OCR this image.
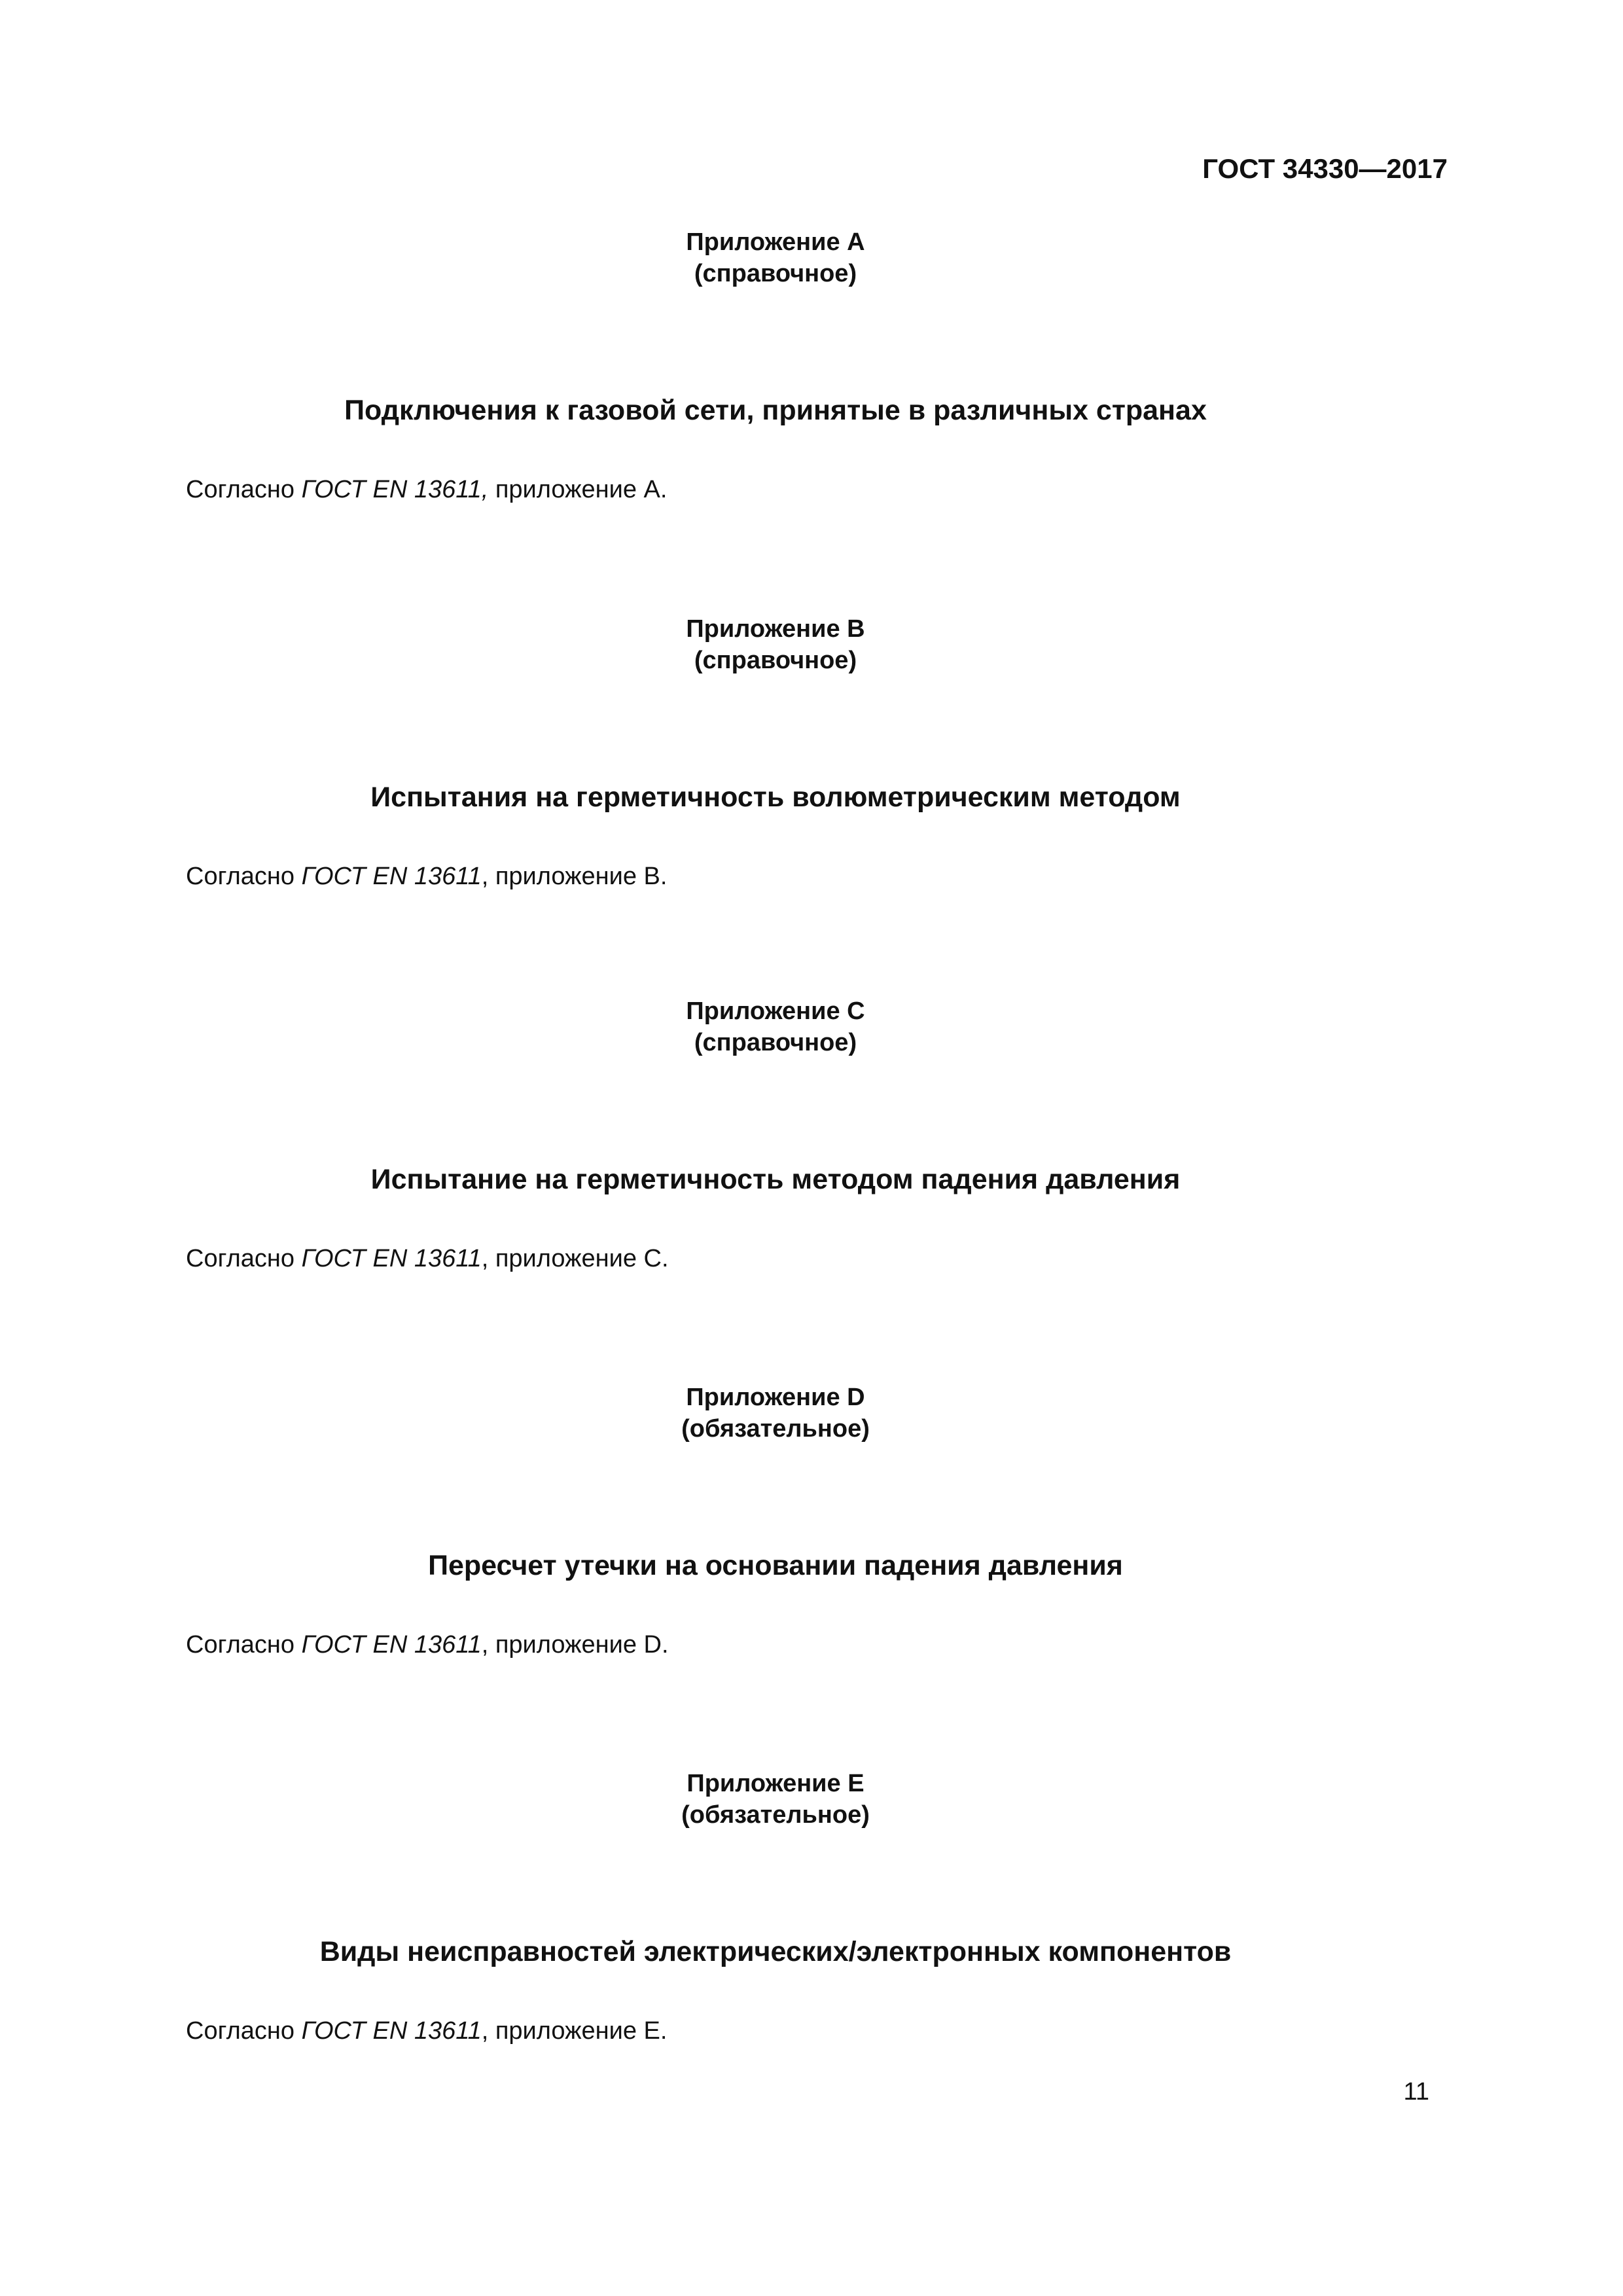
ГОСТ 34330—2017
Приложение А
(справочное)
Подключения к газовой сети, принятые в различных странах
Согласно ГОСТ EN 13611, приложение А.
Приложение В
(справочное)
Испытания на герметичность волюметрическим методом
Согласно ГОСТ EN 13611, приложение В.
Приложение С
(справочное)
Испытание на герметичность методом падения давления
Согласно ГОСТ EN 13611, приложение С.
Приложение D
(обязательное)
Пересчет утечки на основании падения давления
Согласно ГОСТ EN 13611, приложение D.
Приложение Е
(обязательное)
Виды неисправностей электрических/электронных компонентов
Согласно ГОСТ EN 13611, приложение Е.
11
